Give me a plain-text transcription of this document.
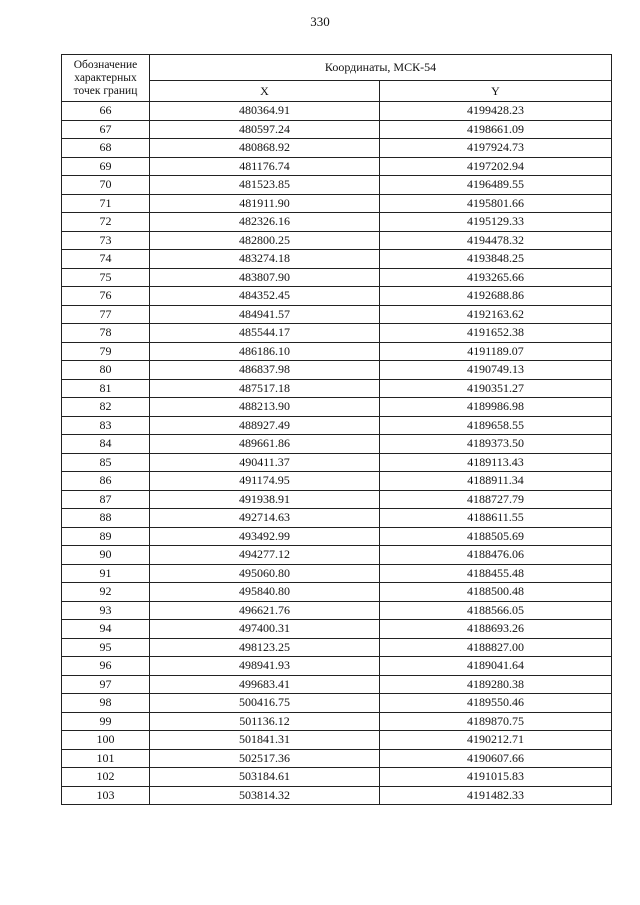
330
Обозначение характерных точек границ	Координаты, МСК-54	
	X	Y
66	480364.91	4199428.23
67	480597.24	4198661.09
68	480868.92	4197924.73
69	481176.74	4197202.94
70	481523.85	4196489.55
71	481911.90	4195801.66
72	482326.16	4195129.33
73	482800.25	4194478.32
74	483274.18	4193848.25
75	483807.90	4193265.66
76	484352.45	4192688.86
77	484941.57	4192163.62
78	485544.17	4191652.38
79	486186.10	4191189.07
80	486837.98	4190749.13
81	487517.18	4190351.27
82	488213.90	4189986.98
83	488927.49	4189658.55
84	489661.86	4189373.50
85	490411.37	4189113.43
86	491174.95	4188911.34
87	491938.91	4188727.79
88	492714.63	4188611.55
89	493492.99	4188505.69
90	494277.12	4188476.06
91	495060.80	4188455.48
92	495840.80	4188500.48
93	496621.76	4188566.05
94	497400.31	4188693.26
95	498123.25	4188827.00
96	498941.93	4189041.64
97	499683.41	4189280.38
98	500416.75	4189550.46
99	501136.12	4189870.75
100	501841.31	4190212.71
101	502517.36	4190607.66
102	503184.61	4191015.83
103	503814.32	4191482.33
